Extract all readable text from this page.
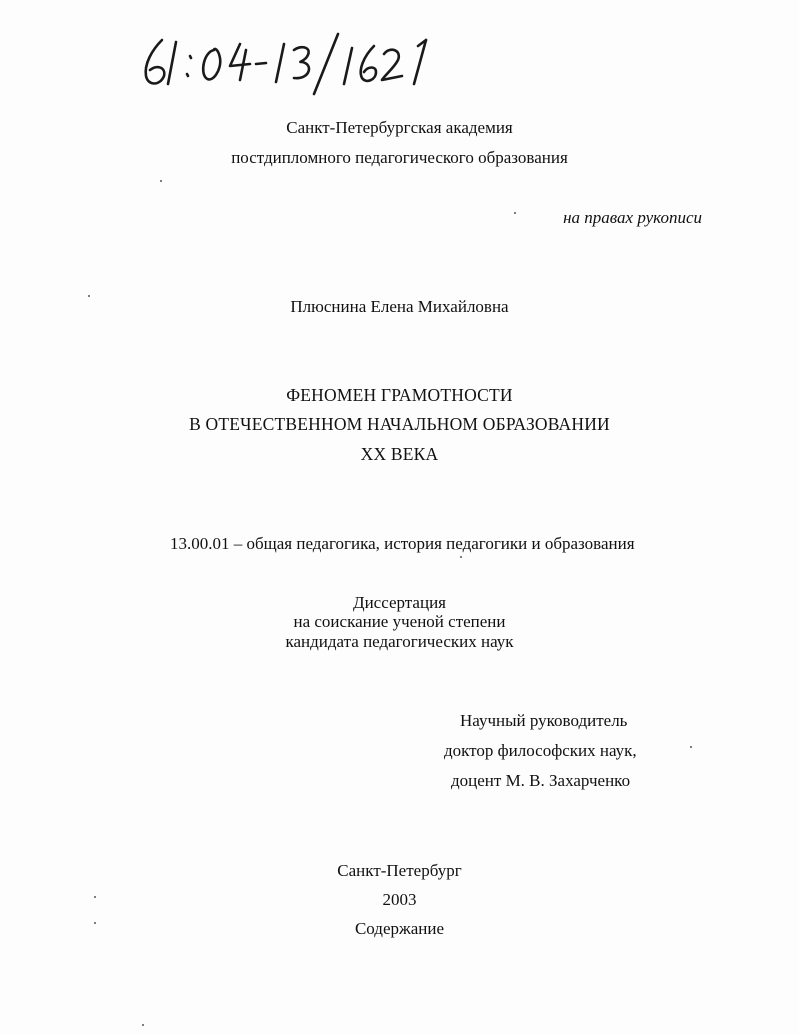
Санкт-Петербургская академия
постдипломного педагогического образования
на правах рукописи
Плюснина Елена Михайловна
ФЕНОМЕН ГРАМОТНОСТИ
В ОТЕЧЕСТВЕННОМ НАЧАЛЬНОМ ОБРАЗОВАНИИ
XX ВЕКА
13.00.01 – общая педагогика, история педагогики и образования
Диссертация
на соискание ученой степени
кандидата педагогических наук
Научный руководитель
доктор философских наук,
доцент М. В. Захарченко
Санкт-Петербург
2003
Содержание
